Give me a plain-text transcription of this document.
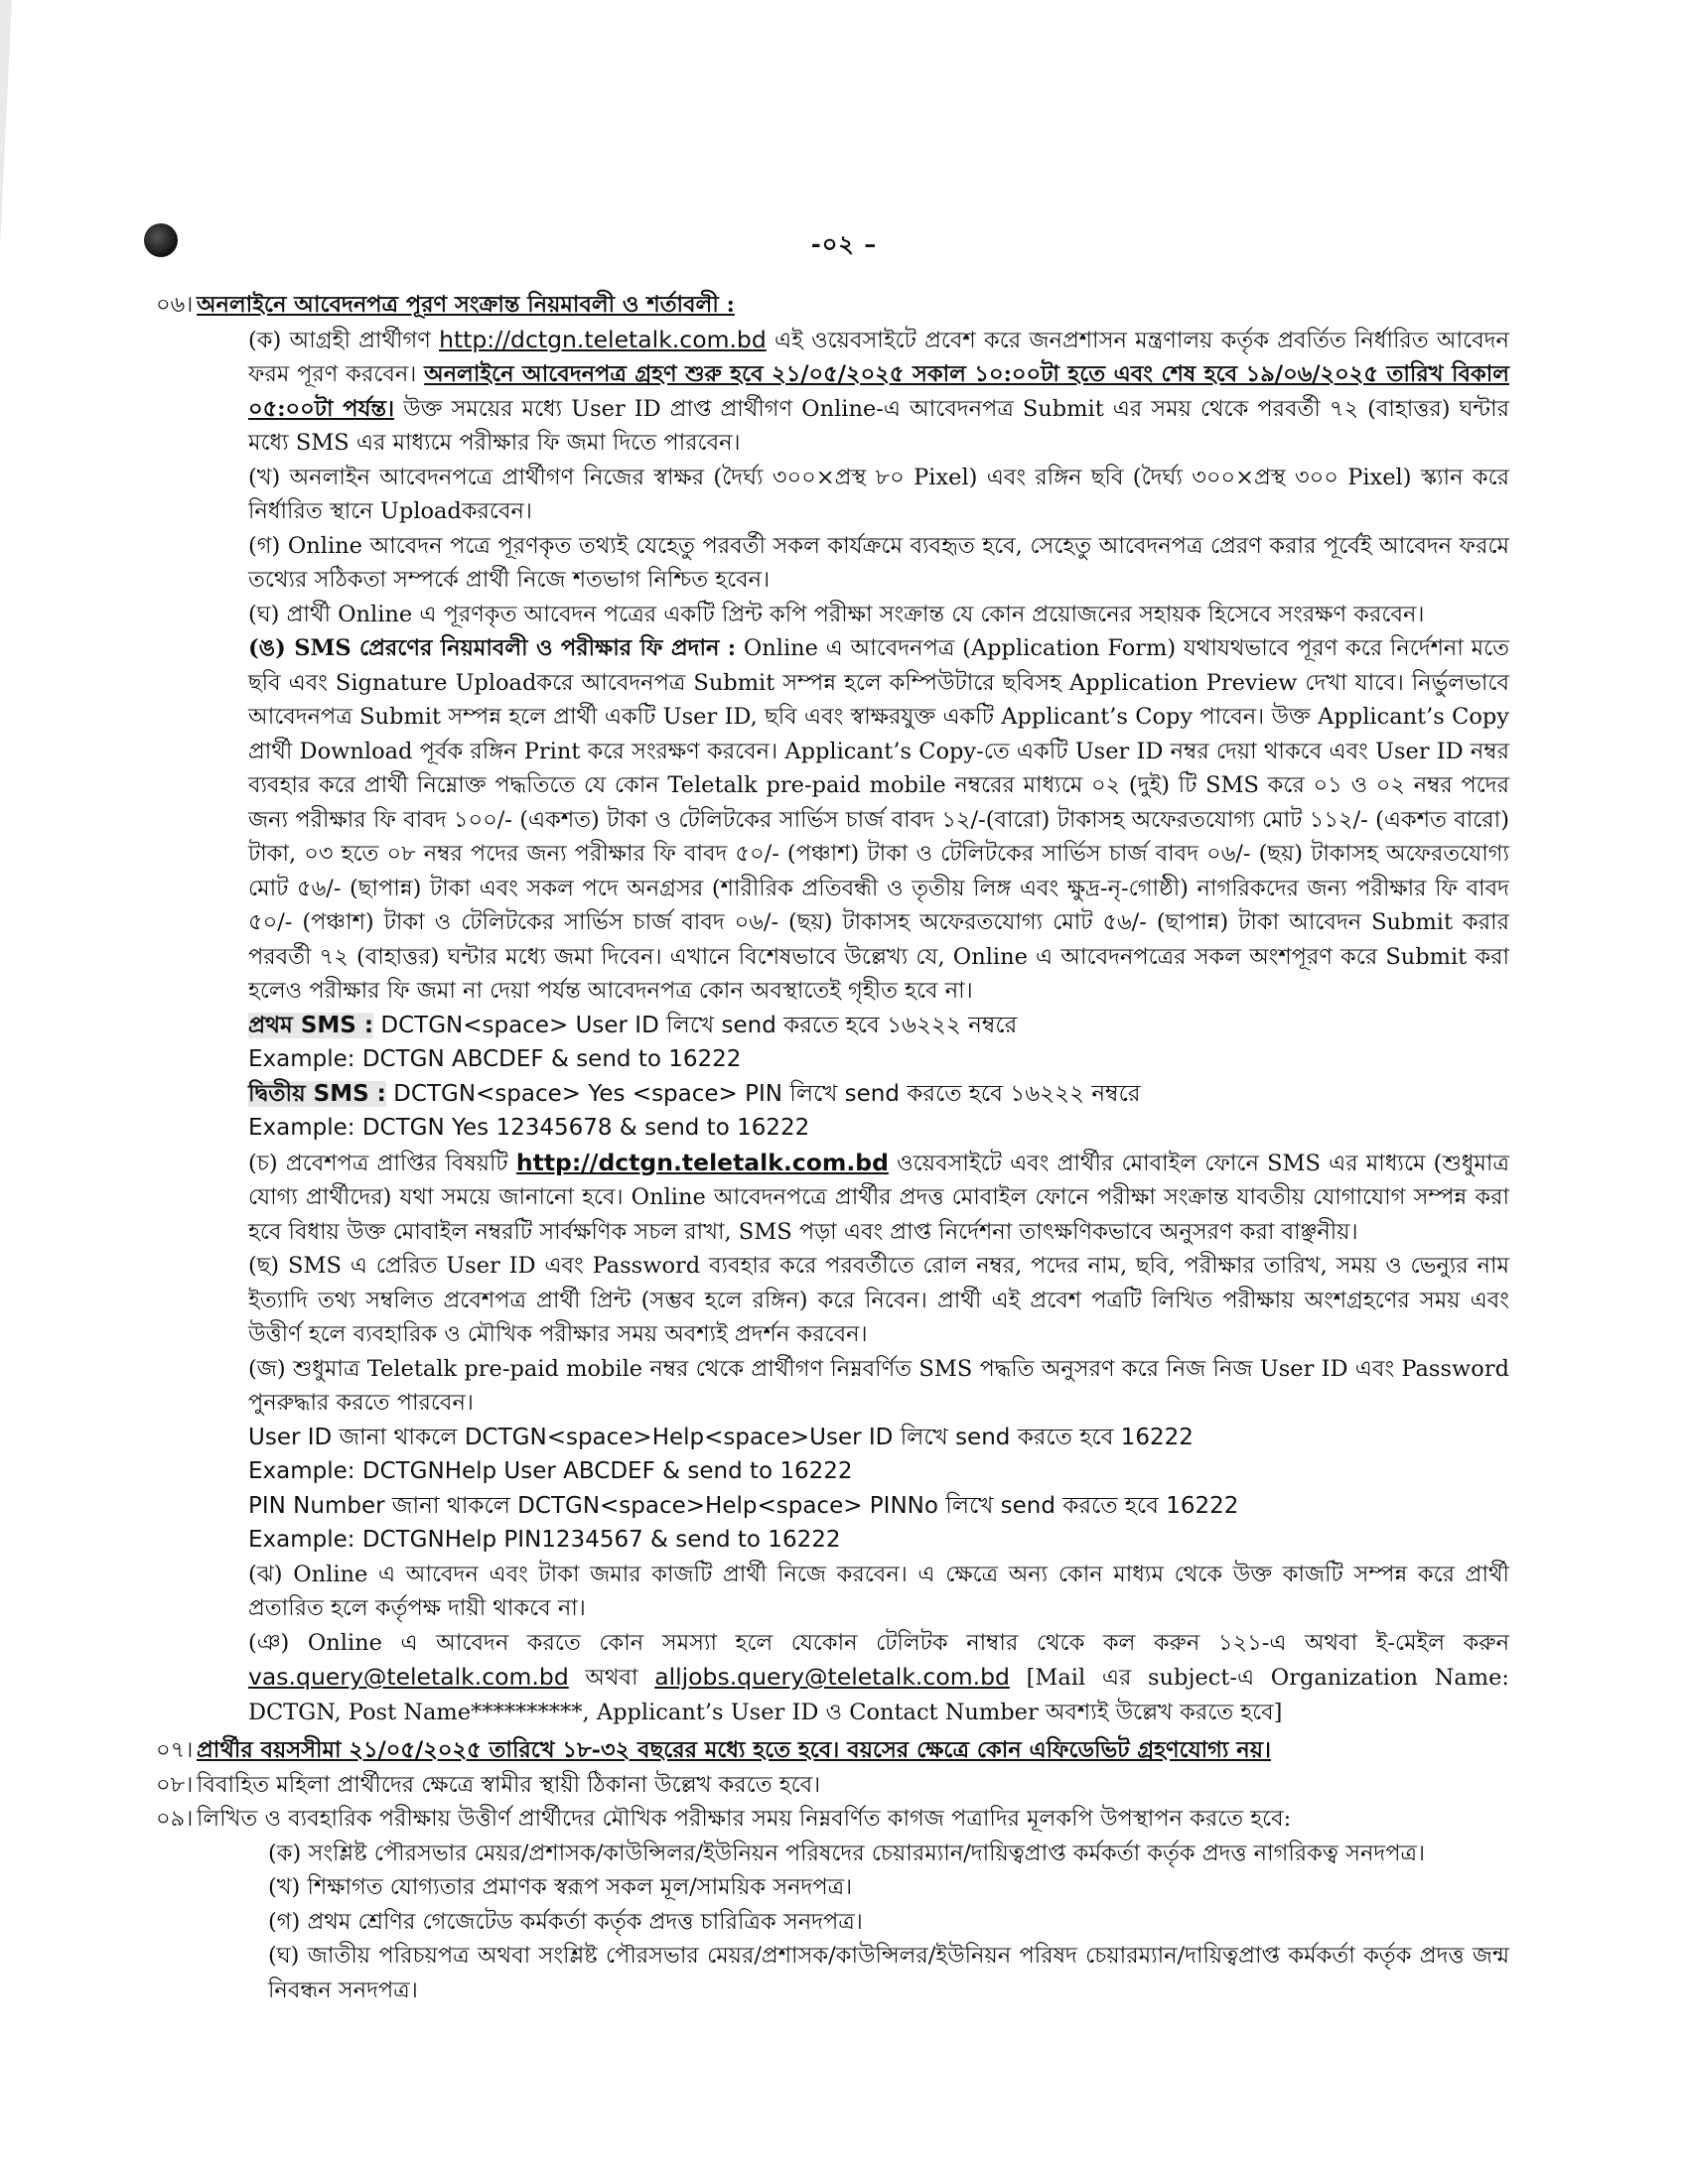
-০২ –
০৬। অনলাইনে আবেদনপত্র পূরণ সংক্রান্ত নিয়মাবলী ও শর্তাবলী :

(ক) আগ্রহী প্রার্থীগণ http://dctgn.teletalk.com.bd এই ওয়েবসাইটে প্রবেশ করে জনপ্রশাসন মন্ত্রণালয় কর্তৃক প্রবর্তিত নির্ধারিত আবেদন ফরম পূরণ করবেন। অনলাইনে আবেদনপত্র গ্রহণ শুরু হবে ২১/০৫/২০২৫ সকাল ১০:০০টা হতে এবং শেষ হবে ১৯/০৬/২০২৫ তারিখ বিকাল ০৫:০০টা পর্যন্ত। উক্ত সময়ের মধ্যে User ID প্রাপ্ত প্রার্থীগণ Online-এ আবেদনপত্র Submit এর সময় থেকে পরবর্তী ৭২ (বাহাত্তর) ঘন্টার মধ্যে SMS এর মাধ্যমে পরীক্ষার ফি জমা দিতে পারবেন।

(খ) অনলাইন আবেদনপত্রে প্রার্থীগণ নিজের স্বাক্ষর (দৈর্ঘ্য ৩০০×প্রস্থ ৮০ Pixel) এবং রঙ্গিন ছবি (দৈর্ঘ্য ৩০০×প্রস্থ ৩০০ Pixel) স্ক্যান করে নির্ধারিত স্থানে Uploadকরবেন।

(গ) Online আবেদন পত্রে পূরণকৃত তথ্যই যেহেতু পরবর্তী সকল কার্যক্রমে ব্যবহৃত হবে, সেহেতু আবেদনপত্র প্রেরণ করার পূর্বেই আবেদন ফরমে তথ্যের সঠিকতা সম্পর্কে প্রার্থী নিজে শতভাগ নিশ্চিত হবেন।

(ঘ) প্রার্থী Online এ পূরণকৃত আবেদন পত্রের একটি প্রিন্ট কপি পরীক্ষা সংক্রান্ত যে কোন প্রয়োজনের সহায়ক হিসেবে সংরক্ষণ করবেন।

(ঙ) SMS প্রেরণের নিয়মাবলী ও পরীক্ষার ফি প্রদান : Online এ আবেদনপত্র (Application Form) যথাযথভাবে পূরণ করে নির্দেশনা মতে ছবি এবং Signature Uploadকরে আবেদনপত্র Submit সম্পন্ন হলে কম্পিউটারে ছবিসহ Application Preview দেখা যাবে। নির্ভুলভাবে আবেদনপত্র Submit সম্পন্ন হলে প্রার্থী একটি User ID, ছবি এবং স্বাক্ষরযুক্ত একটি Applicant’s Copy পাবেন। উক্ত Applicant’s Copy প্রার্থী Download পূর্বক রঙ্গিন Print করে সংরক্ষণ করবেন। Applicant’s Copy-তে একটি User ID নম্বর দেয়া থাকবে এবং User ID নম্বর ব্যবহার করে প্রার্থী নিম্নোক্ত পদ্ধতিতে যে কোন Teletalk pre-paid mobile নম্বরের মাধ্যমে ০২ (দুই) টি SMS করে ০১ ও ০২ নম্বর পদের জন্য পরীক্ষার ফি বাবদ ১০০/- (একশত) টাকা ও টেলিটকের সার্ভিস চার্জ বাবদ ১২/-(বারো) টাকাসহ অফেরতযোগ্য মোট ১১২/- (একশত বারো) টাকা, ০৩ হতে ০৮ নম্বর পদের জন্য পরীক্ষার ফি বাবদ ৫০/- (পঞ্চাশ) টাকা ও টেলিটকের সার্ভিস চার্জ বাবদ ০৬/- (ছয়) টাকাসহ অফেরতযোগ্য মোট ৫৬/- (ছাপান্ন) টাকা এবং সকল পদে অনগ্রসর (শারীরিক প্রতিবন্ধী ও তৃতীয় লিঙ্গ এবং ক্ষুদ্র-নৃ-গোষ্ঠী) নাগরিকদের জন্য পরীক্ষার ফি বাবদ ৫০/- (পঞ্চাশ) টাকা ও টেলিটকের সার্ভিস চার্জ বাবদ ০৬/- (ছয়) টাকাসহ অফেরতযোগ্য মোট ৫৬/- (ছাপান্ন) টাকা আবেদন Submit করার পরবর্তী ৭২ (বাহাত্তর) ঘন্টার মধ্যে জমা দিবেন। এখানে বিশেষভাবে উল্লেখ্য যে, Online এ আবেদনপত্রের সকল অংশপূরণ করে Submit করা হলেও পরীক্ষার ফি জমা না দেয়া পর্যন্ত আবেদনপত্র কোন অবস্থাতেই গৃহীত হবে না।

প্রথম SMS : DCTGN<space> User ID লিখে send করতে হবে ১৬২২২ নম্বরে
Example: DCTGN ABCDEF & send to 16222
দ্বিতীয় SMS : DCTGN<space> Yes <space> PIN লিখে send করতে হবে ১৬২২২ নম্বরে
Example: DCTGN Yes 12345678 & send to 16222

(চ) প্রবেশপত্র প্রাপ্তির বিষয়টি http://dctgn.teletalk.com.bd ওয়েবসাইটে এবং প্রার্থীর মোবাইল ফোনে SMS এর মাধ্যমে (শুধুমাত্র যোগ্য প্রার্থীদের) যথা সময়ে জানানো হবে। Online আবেদনপত্রে প্রার্থীর প্রদত্ত মোবাইল ফোনে পরীক্ষা সংক্রান্ত যাবতীয় যোগাযোগ সম্পন্ন করা হবে বিধায় উক্ত মোবাইল নম্বরটি সার্বক্ষণিক সচল রাখা, SMS পড়া এবং প্রাপ্ত নির্দেশনা তাৎক্ষণিকভাবে অনুসরণ করা বাঞ্ছনীয়।

(ছ) SMS এ প্রেরিত User ID এবং Password ব্যবহার করে পরবর্তীতে রোল নম্বর, পদের নাম, ছবি, পরীক্ষার তারিখ, সময় ও ভেন্যুর নাম ইত্যাদি তথ্য সম্বলিত প্রবেশপত্র প্রার্থী প্রিন্ট (সম্ভব হলে রঙ্গিন) করে নিবেন। প্রার্থী এই প্রবেশ পত্রটি লিখিত পরীক্ষায় অংশগ্রহণের সময় এবং উত্তীর্ণ হলে ব্যবহারিক ও মৌখিক পরীক্ষার সময় অবশ্যই প্রদর্শন করবেন।

(জ) শুধুমাত্র Teletalk pre-paid mobile নম্বর থেকে প্রার্থীগণ নিম্নবর্ণিত SMS পদ্ধতি অনুসরণ করে নিজ নিজ User ID এবং Password পুনরুদ্ধার করতে পারবেন।

User ID জানা থাকলে DCTGN<space>Help<space>User ID লিখে send করতে হবে 16222
Example: DCTGNHelp User ABCDEF & send to 16222
PIN Number জানা থাকলে DCTGN<space>Help<space> PINNo লিখে send করতে হবে 16222
Example: DCTGNHelp PIN1234567 & send to 16222

(ঝ) Online এ আবেদন এবং টাকা জমার কাজটি প্রার্থী নিজে করবেন। এ ক্ষেত্রে অন্য কোন মাধ্যম থেকে উক্ত কাজটি সম্পন্ন করে প্রার্থী প্রতারিত হলে কর্তৃপক্ষ দায়ী থাকবে না।

(ঞ) Online এ আবেদন করতে কোন সমস্যা হলে যেকোন টেলিটক নাম্বার থেকে কল করুন ১২১-এ অথবা ই-মেইল করুন vas.query@teletalk.com.bd অথবা alljobs.query@teletalk.com.bd [Mail এর subject-এ Organization Name: DCTGN, Post Name**********, Applicant’s User ID ও Contact Number অবশ্যই উল্লেখ করতে হবে]

০৭। প্রার্থীর বয়সসীমা ২১/০৫/২০২৫ তারিখে ১৮-৩২ বছরের মধ্যে হতে হবে। বয়সের ক্ষেত্রে কোন এফিডেভিট গ্রহণযোগ্য নয়।
০৮। বিবাহিত মহিলা প্রার্থীদের ক্ষেত্রে স্বামীর স্থায়ী ঠিকানা উল্লেখ করতে হবে।
০৯। লিখিত ও ব্যবহারিক পরীক্ষায় উত্তীর্ণ প্রার্থীদের মৌখিক পরীক্ষার সময় নিম্নবর্ণিত কাগজ পত্রাদির মূলকপি উপস্থাপন করতে হবে:

(ক) সংশ্লিষ্ট পৌরসভার মেয়র/প্রশাসক/কাউন্সিলর/ইউনিয়ন পরিষদের চেয়ারম্যান/দায়িত্বপ্রাপ্ত কর্মকর্তা কর্তৃক প্রদত্ত নাগরিকত্ব সনদপত্র।

(খ) শিক্ষাগত যোগ্যতার প্রমাণক স্বরূপ সকল মূল/সাময়িক সনদপত্র।

(গ) প্রথম শ্রেণির গেজেটেড কর্মকর্তা কর্তৃক প্রদত্ত চারিত্রিক সনদপত্র।

(ঘ) জাতীয় পরিচয়পত্র অথবা সংশ্লিষ্ট পৌরসভার মেয়র/প্রশাসক/কাউন্সিলর/ইউনিয়ন পরিষদ চেয়ারম্যান/দায়িত্বপ্রাপ্ত কর্মকর্তা কর্তৃক প্রদত্ত জন্ম নিবন্ধন সনদপত্র।
